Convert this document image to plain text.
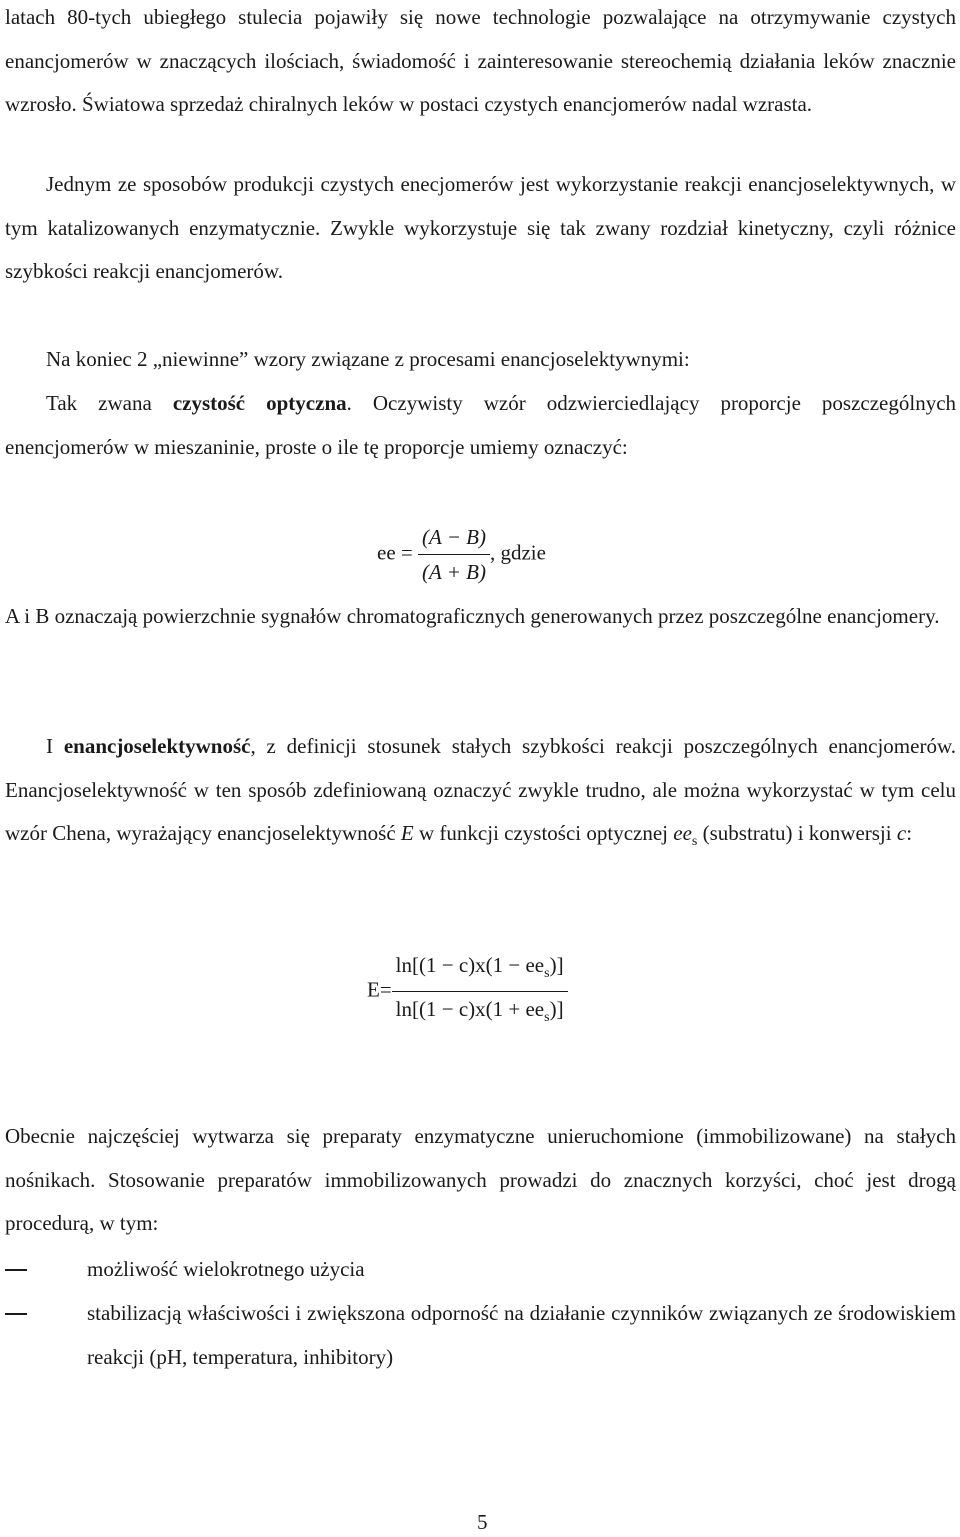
latach 80-tych ubiegłego stulecia pojawiły się nowe technologie pozwalające na otrzymywanie czystych enancjomerów w znaczących ilościach, świadomość i zainteresowanie stereochemią działania leków znacznie wzrosło. Światowa sprzedaż chiralnych leków w postaci czystych enancjomerów nadal wzrasta.

Jednym ze sposobów produkcji czystych enecjomerów jest wykorzystanie reakcji enancjoselektywnych, w tym katalizowanych enzymatycznie. Zwykle wykorzystuje się tak zwany rozdział kinetyczny, czyli różnice szybkości reakcji enancjomerów.

Na koniec 2 „niewinne” wzory związane z procesami enancjoselektywnymi:

Tak zwana czystość optyczna. Oczywisty wzór odzwierciedlający proporcje poszczególnych enencjomerów w mieszaninie, proste o ile tę proporcje umiemy oznaczyć:

ee = $\frac{(A - B)}{(A + B)}$ , gdzie

A i B oznaczają powierzchnie sygnałów chromatograficznych generowanych przez poszczególne enancjomery.

I enancjoselektywność, z definicji stosunek stałych szybkości reakcji poszczególnych enancjomerów. Enancjoselektywność w ten sposób zdefiniowaną oznaczyć zwykle trudno, ale można wykorzystać w tym celu wzór Chena, wyrażający enancjoselektywność E w funkcji czystości optycznej $ee_s$ (substratu) i konwersji c:

$E= \frac{\ln[(1 - c)x(1 - ee_s)]}{\ln[(1 - c)x(1 + ee_s)]}$

Obecnie najczęściej wytwarza się preparaty enzymatyczne unieruchomione (immobilizowane) na stałych nośnikach. Stosowanie preparatów immobilizowanych prowadzi do znacznych korzyści, choć jest drogą procedurą, w tym:

możliwość wielokrotnego użycia
stabilizacją właściwości i zwiększona odporność na działanie czynników związanych ze środowiskiem reakcji (pH, temperatura, inhibitory)
5
